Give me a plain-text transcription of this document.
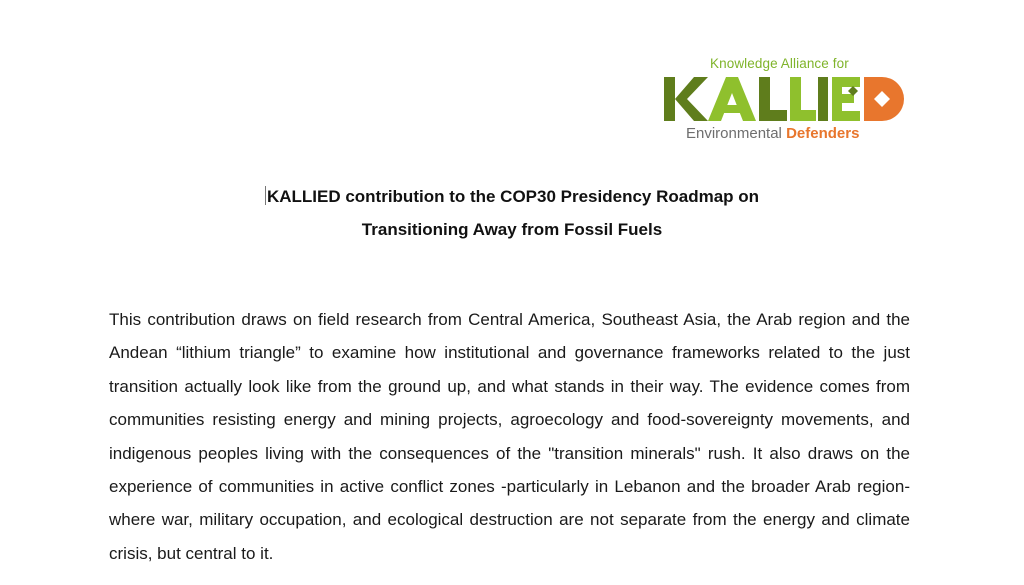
Knowledge Alliance for
Environmental Defenders
KALLIED contribution to the COP30 Presidency Roadmap on
Transitioning Away from Fossil Fuels

This contribution draws on field research from Central America, Southeast Asia, the Arab region and the Andean “lithium triangle” to examine how institutional and governance frameworks related to the just transition actually look like from the ground up, and what stands in their way. The evidence comes from communities resisting energy and mining projects, agroecology and food-sovereignty movements, and indigenous peoples living with the consequences of the "transition minerals" rush. It also draws on the experience of communities in active conflict zones -particularly in Lebanon and the broader Arab region- where war, military occupation, and ecological destruction are not separate from the energy and climate crisis, but central to it.
